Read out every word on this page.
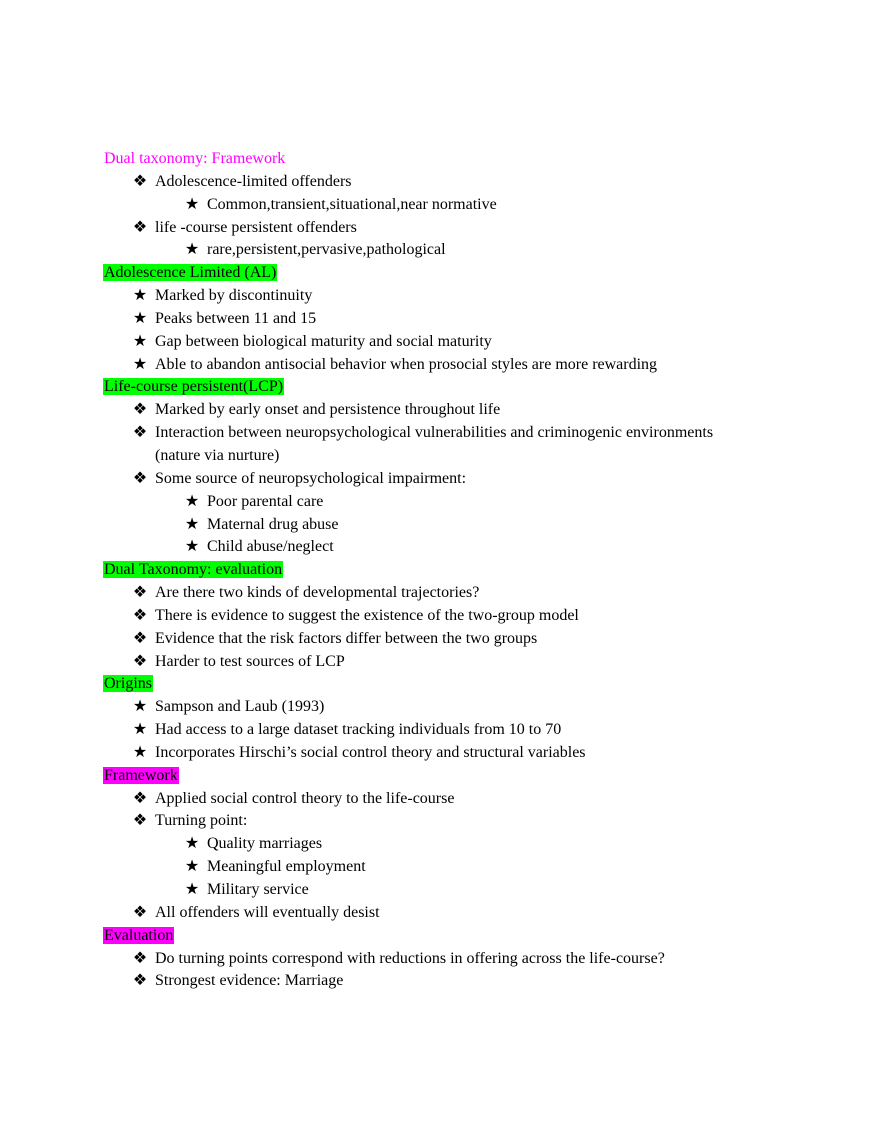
Dual taxonomy: Framework
❖ Adolescence-limited offenders
★ Common,transient,situational,near normative
❖ life -course persistent offenders
★ rare,persistent,pervasive,pathological
Adolescence Limited (AL)
★ Marked by discontinuity
★ Peaks between 11 and 15
★ Gap between biological maturity and social maturity
★ Able to abandon antisocial behavior when prosocial styles are more rewarding
Life-course persistent(LCP)
❖ Marked by early onset and persistence throughout life
❖ Interaction between neuropsychological vulnerabilities and criminogenic environments
(nature via nurture)
❖ Some source of neuropsychological impairment:
★ Poor parental care
★ Maternal drug abuse
★ Child abuse/neglect
Dual Taxonomy: evaluation
❖ Are there two kinds of developmental trajectories?
❖ There is evidence to suggest the existence of the two-group model
❖ Evidence that the risk factors differ between the two groups
❖ Harder to test sources of LCP
Origins
★ Sampson and Laub (1993)
★ Had access to a large dataset tracking individuals from 10 to 70
★ Incorporates Hirschi’s social control theory and structural variables
Framework
❖ Applied social control theory to the life-course
❖ Turning point:
★ Quality marriages
★ Meaningful employment
★ Military service
❖ All offenders will eventually desist
Evaluation
❖ Do turning points correspond with reductions in offering across the life-course?
❖ Strongest evidence: Marriage
